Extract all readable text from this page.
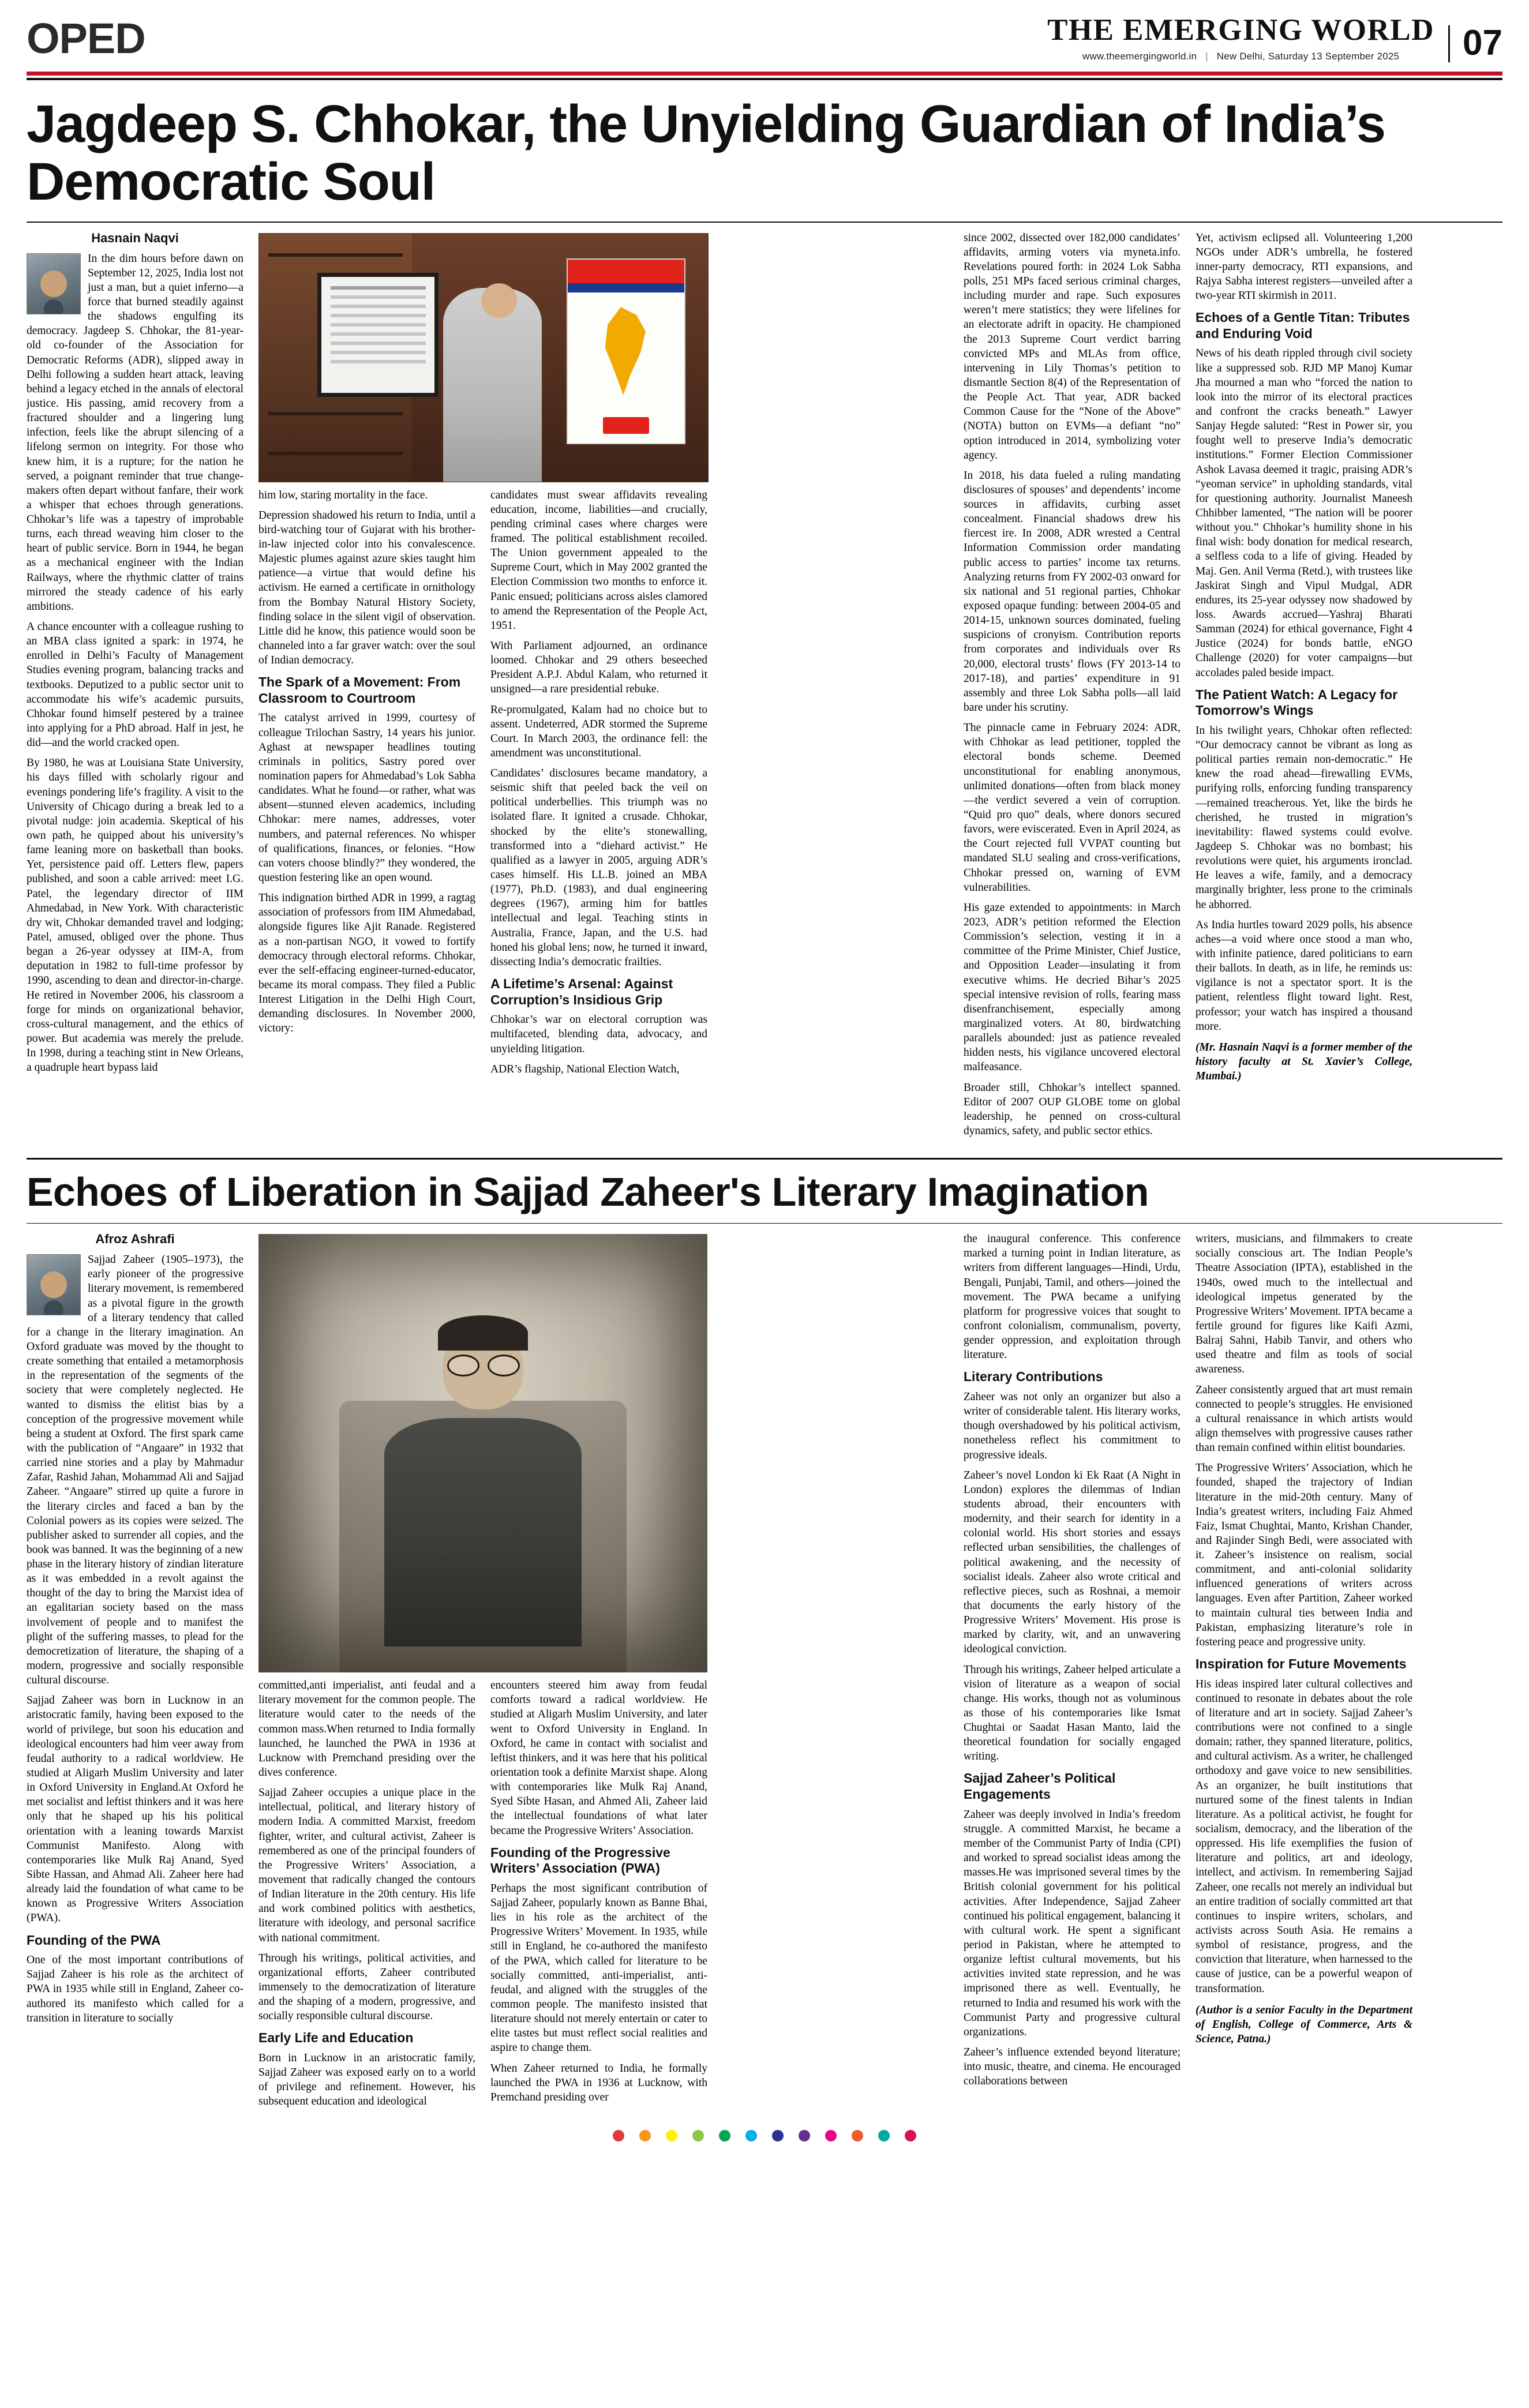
OPED	THE EMERGING WORLD
www.theemergingworld.in | New Delhi, Saturday 13 September 2025	07
Jagdeep S. Chhokar, the Unyielding Guardian of India’s Democratic Soul
Hasnain Naqvi

In the dim hours before dawn on September 12, 2025, India lost not just a man, but a quiet inferno—a force that burned steadily against the shadows engulfing its democracy. Jagdeep S. Chhokar, the 81-year-old co-founder of the Association for Democratic Reforms (ADR), slipped away in Delhi following a sudden heart attack, leaving behind a legacy etched in the annals of electoral justice. His passing, amid recovery from a fractured shoulder and a lingering lung infection, feels like the abrupt silencing of a lifelong sermon on integrity. For those who knew him, it is a rupture; for the nation he served, a poignant reminder that true change-makers often depart without fanfare, their work a whisper that echoes through generations. Chhokar’s life was a tapestry of improbable turns, each thread weaving him closer to the heart of public service. Born in 1944, he began as a mechanical engineer with the Indian Railways, where the rhythmic clatter of trains mirrored the steady cadence of his early ambitions.

A chance encounter with a colleague rushing to an MBA class ignited a spark: in 1974, he enrolled in Delhi’s Faculty of Management Studies evening program, balancing tracks and textbooks. Deputized to a public sector unit to accommodate his wife’s academic pursuits, Chhokar found himself pestered by a trainee into applying for a PhD abroad. Half in jest, he did—and the world cracked open.

By 1980, he was at Louisiana State University, his days filled with scholarly rigour and evenings pondering life’s fragility. A visit to the University of Chicago during a break led to a pivotal nudge: join academia. Skeptical of his own path, he quipped about his university’s fame leaning more on basketball than books. Yet, persistence paid off. Letters flew, papers published, and soon a cable arrived: meet I.G. Patel, the legendary director of IIM Ahmedabad, in New York. With characteristic dry wit, Chhokar demanded travel and lodging; Patel, amused, obliged over the phone. Thus began a 26-year odyssey at IIM-A, from deputation in 1982 to full-time professor by 1990, ascending to dean and director-in-charge. He retired in November 2006, his classroom a forge for minds on organizational behavior, cross-cultural management, and the ethics of power. But academia was merely the prelude. In 1998, during a teaching stint in New Orleans, a quadruple heart bypass laid

him low, staring mortality in the face.

Depression shadowed his return to India, until a bird-watching tour of Gujarat with his brother-in-law injected color into his convalescence. Majestic plumes against azure skies taught him patience—a virtue that would define his activism. He earned a certificate in ornithology from the Bombay Natural History Society, finding solace in the silent vigil of observation. Little did he know, this patience would soon be channeled into a far graver watch: over the soul of Indian democracy.

The Spark of a Movement: From Classroom to Courtroom

The catalyst arrived in 1999, courtesy of colleague Trilochan Sastry, 14 years his junior. Aghast at newspaper headlines touting criminals in politics, Sastry pored over nomination papers for Ahmedabad’s Lok Sabha candidates. What he found—or rather, what was absent—stunned eleven academics, including Chhokar: mere names, addresses, voter numbers, and paternal references. No whisper of qualifications, finances, or felonies. “How can voters choose blindly?” they wondered, the question festering like an open wound.

This indignation birthed ADR in 1999, a ragtag association of professors from IIM Ahmedabad, alongside figures like Ajit Ranade. Registered as a non-partisan NGO, it vowed to fortify democracy through electoral reforms. Chhokar, ever the self-effacing engineer-turned-educator, became its moral compass. They filed a Public Interest Litigation in the Delhi High Court, demanding disclosures. In November 2000, victory:

candidates must swear affidavits revealing education, income, liabilities—and crucially, pending criminal cases where charges were framed. The political establishment recoiled. The Union government appealed to the Supreme Court, which in May 2002 granted the Election Commission two months to enforce it. Panic ensued; politicians across aisles clamored to amend the Representation of the People Act, 1951.

With Parliament adjourned, an ordinance loomed. Chhokar and 29 others beseeched President A.P.J. Abdul Kalam, who returned it unsigned—a rare presidential rebuke.

Re-promulgated, Kalam had no choice but to assent. Undeterred, ADR stormed the Supreme Court. In March 2003, the ordinance fell: the amendment was unconstitutional.

Candidates’ disclosures became mandatory, a seismic shift that peeled back the veil on political underbellies. This triumph was no isolated flare. It ignited a crusade. Chhokar, shocked by the elite’s stonewalling, transformed into a “diehard activist.” He qualified as a lawyer in 2005, arguing ADR’s cases himself. His LL.B. joined an MBA (1977), Ph.D. (1983), and dual engineering degrees (1967), arming him for battles intellectual and legal. Teaching stints in Australia, France, Japan, and the U.S. had honed his global lens; now, he turned it inward, dissecting India’s democratic frailties.

A Lifetime’s Arsenal: Against Corruption’s Insidious Grip

Chhokar’s war on electoral corruption was multifaceted, blending data, advocacy, and unyielding litigation.

ADR’s flagship, National Election Watch,

since 2002, dissected over 182,000 candidates’ affidavits, arming voters via myneta.info. Revelations poured forth: in 2024 Lok Sabha polls, 251 MPs faced serious criminal charges, including murder and rape. Such exposures weren’t mere statistics; they were lifelines for an electorate adrift in opacity. He championed the 2013 Supreme Court verdict barring convicted MPs and MLAs from office, intervening in Lily Thomas’s petition to dismantle Section 8(4) of the Representation of the People Act. That year, ADR backed Common Cause for the “None of the Above” (NOTA) button on EVMs—a defiant “no” option introduced in 2014, symbolizing voter agency.

In 2018, his data fueled a ruling mandating disclosures of spouses’ and dependents’ income sources in affidavits, curbing asset concealment. Financial shadows drew his fiercest ire. In 2008, ADR wrested a Central Information Commission order mandating public access to parties’ income tax returns. Analyzing returns from FY 2002-03 onward for six national and 51 regional parties, Chhokar exposed opaque funding: between 2004-05 and 2014-15, unknown sources dominated, fueling suspicions of cronyism. Contribution reports from corporates and individuals over Rs 20,000, electoral trusts’ flows (FY 2013-14 to 2017-18), and parties’ expenditure in 91 assembly and three Lok Sabha polls—all laid bare under his scrutiny.

The pinnacle came in February 2024: ADR, with Chhokar as lead petitioner, toppled the electoral bonds scheme. Deemed unconstitutional for enabling anonymous, unlimited donations—often from black money—the verdict severed a vein of corruption. “Quid pro quo” deals, where donors secured favors, were eviscerated. Even in April 2024, as the Court rejected full VVPAT counting but mandated SLU sealing and cross-verifications, Chhokar pressed on, warning of EVM vulnerabilities.

His gaze extended to appointments: in March 2023, ADR’s petition reformed the Election Commission’s selection, vesting it in a committee of the Prime Minister, Chief Justice, and Opposition Leader—insulating it from executive whims. He decried Bihar’s 2025 special intensive revision of rolls, fearing mass disenfranchisement, especially among marginalized voters. At 80, birdwatching parallels abounded: just as patience revealed hidden nests, his vigilance uncovered electoral malfeasance.

Broader still, Chhokar’s intellect spanned. Editor of 2007 OUP GLOBE tome on global leadership, he penned on cross-cultural dynamics, safety, and public sector ethics.

Yet, activism eclipsed all. Volunteering 1,200 NGOs under ADR’s umbrella, he fostered inner-party democracy, RTI expansions, and Rajya Sabha interest registers—unveiled after a two-year RTI skirmish in 2011.

Echoes of a Gentle Titan: Tributes and Enduring Void

News of his death rippled through civil society like a suppressed sob. RJD MP Manoj Kumar Jha mourned a man who “forced the nation to look into the mirror of its electoral practices and confront the cracks beneath.” Lawyer Sanjay Hegde saluted: “Rest in Power sir, you fought well to preserve India’s democratic institutions.” Former Election Commissioner Ashok Lavasa deemed it tragic, praising ADR’s “yeoman service” in upholding standards, vital for questioning authority. Journalist Maneesh Chhibber lamented, “The nation will be poorer without you.” Chhokar’s humility shone in his final wish: body donation for medical research, a selfless coda to a life of giving. Headed by Maj. Gen. Anil Verma (Retd.), with trustees like Jaskirat Singh and Vipul Mudgal, ADR endures, its 25-year odyssey now shadowed by loss. Awards accrued—Yashraj Bharati Samman (2024) for ethical governance, Fight 4 Justice (2024) for bonds battle, eNGO Challenge (2020) for voter campaigns—but accolades paled beside impact.

The Patient Watch: A Legacy for Tomorrow’s Wings

In his twilight years, Chhokar often reflected: “Our democracy cannot be vibrant as long as political parties remain non-democratic.” He knew the road ahead—firewalling EVMs, purifying rolls, enforcing funding transparency—remained treacherous. Yet, like the birds he cherished, he trusted in migration’s inevitability: flawed systems could evolve. Jagdeep S. Chhokar was no bombast; his revolutions were quiet, his arguments ironclad. He leaves a wife, family, and a democracy marginally brighter, less prone to the criminals he abhorred.

As India hurtles toward 2029 polls, his absence aches—a void where once stood a man who, with infinite patience, dared politicians to earn their ballots. In death, as in life, he reminds us: vigilance is not a spectator sport. It is the patient, relentless flight toward light. Rest, professor; your watch has inspired a thousand more.

(Mr. Hasnain Naqvi is a former member of the history faculty at St. Xavier’s College, Mumbai.)

Echoes of Liberation in Sajjad Zaheer's Literary Imagination
Afroz Ashrafi

Sajjad Zaheer (1905–1973), the early pioneer of the progressive literary movement, is remembered as a pivotal figure in the growth of a literary tendency that called for a change in the literary imagination. An Oxford graduate was moved by the thought to create something that entailed a metamorphosis in the representation of the segments of the society that were completely neglected. He wanted to dismiss the elitist bias by a conception of the progressive movement while being a student at Oxford. The first spark came with the publication of “Angaare” in 1932 that carried nine stories and a play by Mahmadur Zafar, Rashid Jahan, Mohammad Ali and Sajjad Zaheer. “Angaare” stirred up quite a furore in the literary circles and faced a ban by the Colonial powers as its copies were seized. The publisher asked to surrender all copies, and the book was banned. It was the beginning of a new phase in the literary history of zindian literature as it was embedded in a revolt against the thought of the day to bring the Marxist idea of an egalitarian society based on the mass involvement of people and to manifest the plight of the suffering masses, to plead for the democretization of literature, the shaping of a modern, progressive and socially responsible cultural discourse.

Sajjad Zaheer was born in Lucknow in an aristocratic family, having been exposed to the world of privilege, but soon his education and ideological encounters had him veer away from feudal authority to a radical worldview. He studied at Aligarh Muslim University and later in Oxford University in England.At Oxford he met socialist and leftist thinkers and it was here only that he shaped up his his political orientation with a leaning towards Marxist Communist Manifesto. Along with contemporaries like Mulk Raj Anand, Syed Sibte Hassan, and Ahmad Ali. Zaheer here had already laid the foundation of what came to be known as Progressive Writers Association (PWA).

Founding of the PWA

One of the most important contributions of Sajjad Zaheer is his role as the architect of PWA in 1935 while still in England, Zaheer co-authored its manifesto which called for a transition in literature to socially

committed,anti imperialist, anti feudal and a literary movement for the common people. The literature would cater to the needs of the common mass.When returned to India formally launched, he launched the PWA in 1936 at Lucknow with Premchand presiding over the dives conference.

Sajjad Zaheer occupies a unique place in the intellectual, political, and literary history of modern India. A committed Marxist, freedom fighter, writer, and cultural activist, Zaheer is remembered as one of the principal founders of the Progressive Writers’ Association, a movement that radically changed the contours of Indian literature in the 20th century. His life and work combined politics with aesthetics, literature with ideology, and personal sacrifice with national commitment.

Through his writings, political activities, and organizational efforts, Zaheer contributed immensely to the democratization of literature and the shaping of a modern, progressive, and socially responsible cultural discourse.

Early Life and Education

Born in Lucknow in an aristocratic family, Sajjad Zaheer was exposed early on to a world of privilege and refinement. However, his subsequent education and ideological

encounters steered him away from feudal comforts toward a radical worldview. He studied at Aligarh Muslim University, and later went to Oxford University in England. In Oxford, he came in contact with socialist and leftist thinkers, and it was here that his political orientation took a definite Marxist shape. Along with contemporaries like Mulk Raj Anand, Syed Sibte Hasan, and Ahmed Ali, Zaheer laid the intellectual foundations of what later became the Progressive Writers’ Association.

Founding of the Progressive Writers’ Association (PWA)

Perhaps the most significant contribution of Sajjad Zaheer, popularly known as Banne Bhai, lies in his role as the architect of the Progressive Writers’ Movement. In 1935, while still in England, he co-authored the manifesto of the PWA, which called for literature to be socially committed, anti-imperialist, anti-feudal, and aligned with the struggles of the common people. The manifesto insisted that literature should not merely entertain or cater to elite tastes but must reflect social realities and aspire to change them.

When Zaheer returned to India, he formally launched the PWA in 1936 at Lucknow, with Premchand presiding over

the inaugural conference. This conference marked a turning point in Indian literature, as writers from different languages—Hindi, Urdu, Bengali, Punjabi, Tamil, and others—joined the movement. The PWA became a unifying platform for progressive voices that sought to confront colonialism, communalism, poverty, gender oppression, and exploitation through literature.

Literary Contributions

Zaheer was not only an organizer but also a writer of considerable talent. His literary works, though overshadowed by his political activism, nonetheless reflect his commitment to progressive ideals.

Zaheer’s novel London ki Ek Raat (A Night in London) explores the dilemmas of Indian students abroad, their encounters with modernity, and their search for identity in a colonial world. His short stories and essays reflected urban sensibilities, the challenges of political awakening, and the necessity of socialist ideals. Zaheer also wrote critical and reflective pieces, such as Roshnai, a memoir that documents the early history of the Progressive Writers’ Movement. His prose is marked by clarity, wit, and an unwavering ideological conviction.

Through his writings, Zaheer helped articulate a vision of literature as a weapon of social change. His works, though not as voluminous as those of his contemporaries like Ismat Chughtai or Saadat Hasan Manto, laid the theoretical foundation for socially engaged writing.

Sajjad Zaheer’s Political Engagements

Zaheer was deeply involved in India’s freedom struggle. A committed Marxist, he became a member of the Communist Party of India (CPI) and worked to spread socialist ideas among the masses.He was imprisoned several times by the British colonial government for his political activities. After Independence, Sajjad Zaheer continued his political engagement, balancing it with cultural work. He spent a significant period in Pakistan, where he attempted to organize leftist cultural movements, but his activities invited state repression, and he was imprisoned there as well. Eventually, he returned to India and resumed his work with the Communist Party and progressive cultural organizations.

Zaheer’s influence extended beyond literature; into music, theatre, and cinema. He encouraged collaborations between

writers, musicians, and filmmakers to create socially conscious art. The Indian People’s Theatre Association (IPTA), established in the 1940s, owed much to the intellectual and ideological impetus generated by the Progressive Writers’ Movement. IPTA became a fertile ground for figures like Kaifi Azmi, Balraj Sahni, Habib Tanvir, and others who used theatre and film as tools of social awareness.

Zaheer consistently argued that art must remain connected to people’s struggles. He envisioned a cultural renaissance in which artists would align themselves with progressive causes rather than remain confined within elitist boundaries.

The Progressive Writers’ Association, which he founded, shaped the trajectory of Indian literature in the mid-20th century. Many of India’s greatest writers, including Faiz Ahmed Faiz, Ismat Chughtai, Manto, Krishan Chander, and Rajinder Singh Bedi, were associated with it. Zaheer’s insistence on realism, social commitment, and anti-colonial solidarity influenced generations of writers across languages. Even after Partition, Zaheer worked to maintain cultural ties between India and Pakistan, emphasizing literature’s role in fostering peace and progressive unity.

Inspiration for Future Movements

His ideas inspired later cultural collectives and continued to resonate in debates about the role of literature and art in society. Sajjad Zaheer’s contributions were not confined to a single domain; rather, they spanned literature, politics, and cultural activism. As a writer, he challenged orthodoxy and gave voice to new sensibilities. As an organizer, he built institutions that nurtured some of the finest talents in Indian literature. As a political activist, he fought for socialism, democracy, and the liberation of the oppressed. His life exemplifies the fusion of literature and politics, art and ideology, intellect, and activism. In remembering Sajjad Zaheer, one recalls not merely an individual but an entire tradition of socially committed art that continues to inspire writers, scholars, and activists across South Asia. He remains a symbol of resistance, progress, and the conviction that literature, when harnessed to the cause of justice, can be a powerful weapon of transformation.

(Author is a senior Faculty in the Department of English, College of Commerce, Arts & Science, Patna.)
